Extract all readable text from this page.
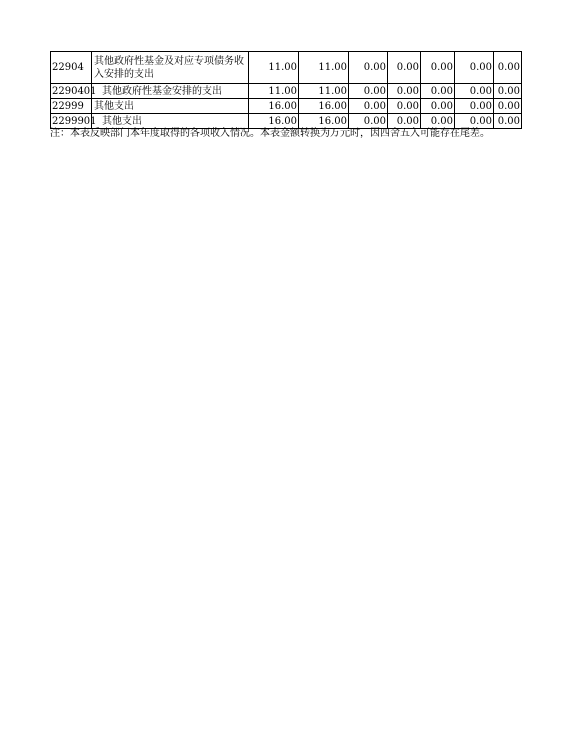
22904	其他政府性基金及对应专项债务收入安排的支出	11.00	11.00	0.00	0.00	0.00	0.00	0.00
2290401	其他政府性基金安排的支出	11.00	11.00	0.00	0.00	0.00	0.00	0.00
22999	其他支出	16.00	16.00	0.00	0.00	0.00	0.00	0.00
2299901	其他支出	16.00	16.00	0.00	0.00	0.00	0.00	0.00
注：本表反映部门本年度取得的各项收入情况。本表金额转换为万元时，因四舍五入可能存在尾差。
